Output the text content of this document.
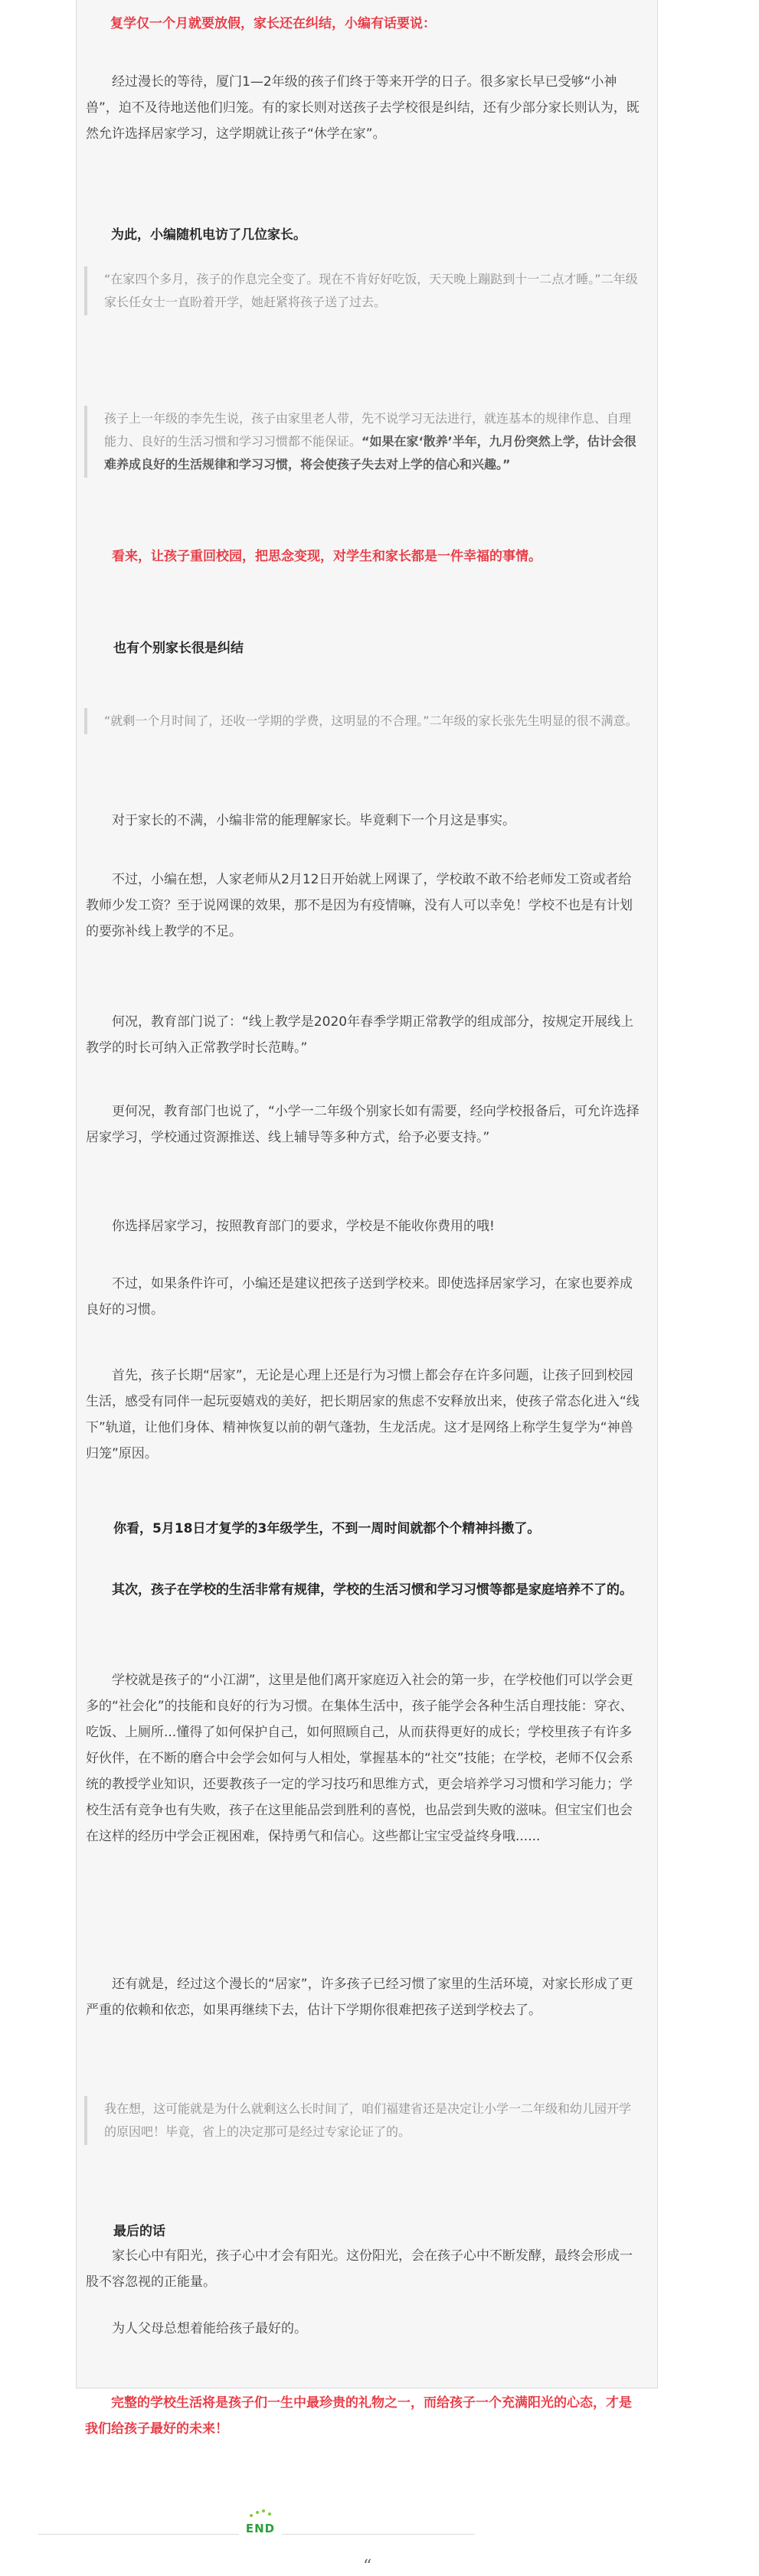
复学仅一个月就要放假，家长还在纠结，小编有话要说：

经过漫长的等待，厦门1—2年级的孩子们终于等来开学的日子。很多家长早已受够“小神兽”，迫不及待地送他们归笼。有的家长则对送孩子去学校很是纠结，还有少部分家长则认为，既然允许选择居家学习，这学期就让孩子“休学在家”。

为此，小编随机电访了几位家长。

“在家四个多月，孩子的作息完全变了。现在不肯好好吃饭，天天晚上蹦跶到十一二点才睡。”二年级家长任女士一直盼着开学，她赶紧将孩子送了过去。
孩子上一年级的李先生说，孩子由家里老人带，先不说学习无法进行，就连基本的规律作息、自理能力、良好的生活习惯和学习习惯都不能保证。“如果在家‘散养’半年，九月份突然上学，估计会很难养成良好的生活规律和学习习惯，将会使孩子失去对上学的信心和兴趣。”

看来，让孩子重回校园，把思念变现，对学生和家长都是一件幸福的事情。

也有个别家长很是纠结

“就剩一个月时间了，还收一学期的学费，这明显的不合理。”二年级的家长张先生明显的很不满意。

对于家长的不满，小编非常的能理解家长。毕竟剩下一个月这是事实。

不过，小编在想，人家老师从2月12日开始就上网课了，学校敢不敢不给老师发工资或者给教师少发工资？至于说网课的效果，那不是因为有疫情嘛，没有人可以幸免！学校不也是有计划的要弥补线上教学的不足。

何况，教育部门说了：“线上教学是2020年春季学期正常教学的组成部分，按规定开展线上教学的时长可纳入正常教学时长范畴。”

更何况，教育部门也说了，“小学一二年级个别家长如有需要，经向学校报备后，可允许选择居家学习，学校通过资源推送、线上辅导等多种方式，给予必要支持。”

你选择居家学习，按照教育部门的要求，学校是不能收你费用的哦!

不过，如果条件许可，小编还是建议把孩子送到学校来。即使选择居家学习，在家也要养成良好的习惯。

首先，孩子长期“居家”，无论是心理上还是行为习惯上都会存在许多问题，让孩子回到校园生活，感受有同伴一起玩耍嬉戏的美好，把长期居家的焦虑不安释放出来，使孩子常态化进入“线下”轨道，让他们身体、精神恢复以前的朝气蓬勃，生龙活虎。这才是网络上称学生复学为“神兽归笼”原因。

你看，5月18日才复学的3年级学生，不到一周时间就都个个精神抖擞了。

其次，孩子在学校的生活非常有规律，学校的生活习惯和学习习惯等都是家庭培养不了的。

学校就是孩子的“小江湖”，这里是他们离开家庭迈入社会的第一步，在学校他们可以学会更多的“社会化”的技能和良好的行为习惯。在集体生活中，孩子能学会各种生活自理技能：穿衣、吃饭、上厕所...懂得了如何保护自己，如何照顾自己，从而获得更好的成长；学校里孩子有许多好伙伴，在不断的磨合中会学会如何与人相处，掌握基本的“社交”技能；在学校，老师不仅会系统的教授学业知识，还要教孩子一定的学习技巧和思维方式，更会培养学习习惯和学习能力；学校生活有竞争也有失败，孩子在这里能品尝到胜利的喜悦，也品尝到失败的滋味。但宝宝们也会在这样的经历中学会正视困难，保持勇气和信心。这些都让宝宝受益终身哦......

还有就是，经过这个漫长的“居家”，许多孩子已经习惯了家里的生活环境，对家长形成了更严重的依赖和依恋，如果再继续下去，估计下学期你很难把孩子送到学校去了。

我在想，这可能就是为什么就剩这么长时间了，咱们福建省还是决定让小学一二年级和幼儿园开学的原因吧！毕竟，省上的决定那可是经过专家论证了的。

最后的话

家长心中有阳光，孩子心中才会有阳光。这份阳光，会在孩子心中不断发酵，最终会形成一股不容忽视的正能量。

为人父母总想着能给孩子最好的。

完整的学校生活将是孩子们一生中最珍贵的礼物之一，而给孩子一个充满阳光的心态，才是我们给孩子最好的未来！

END
“
